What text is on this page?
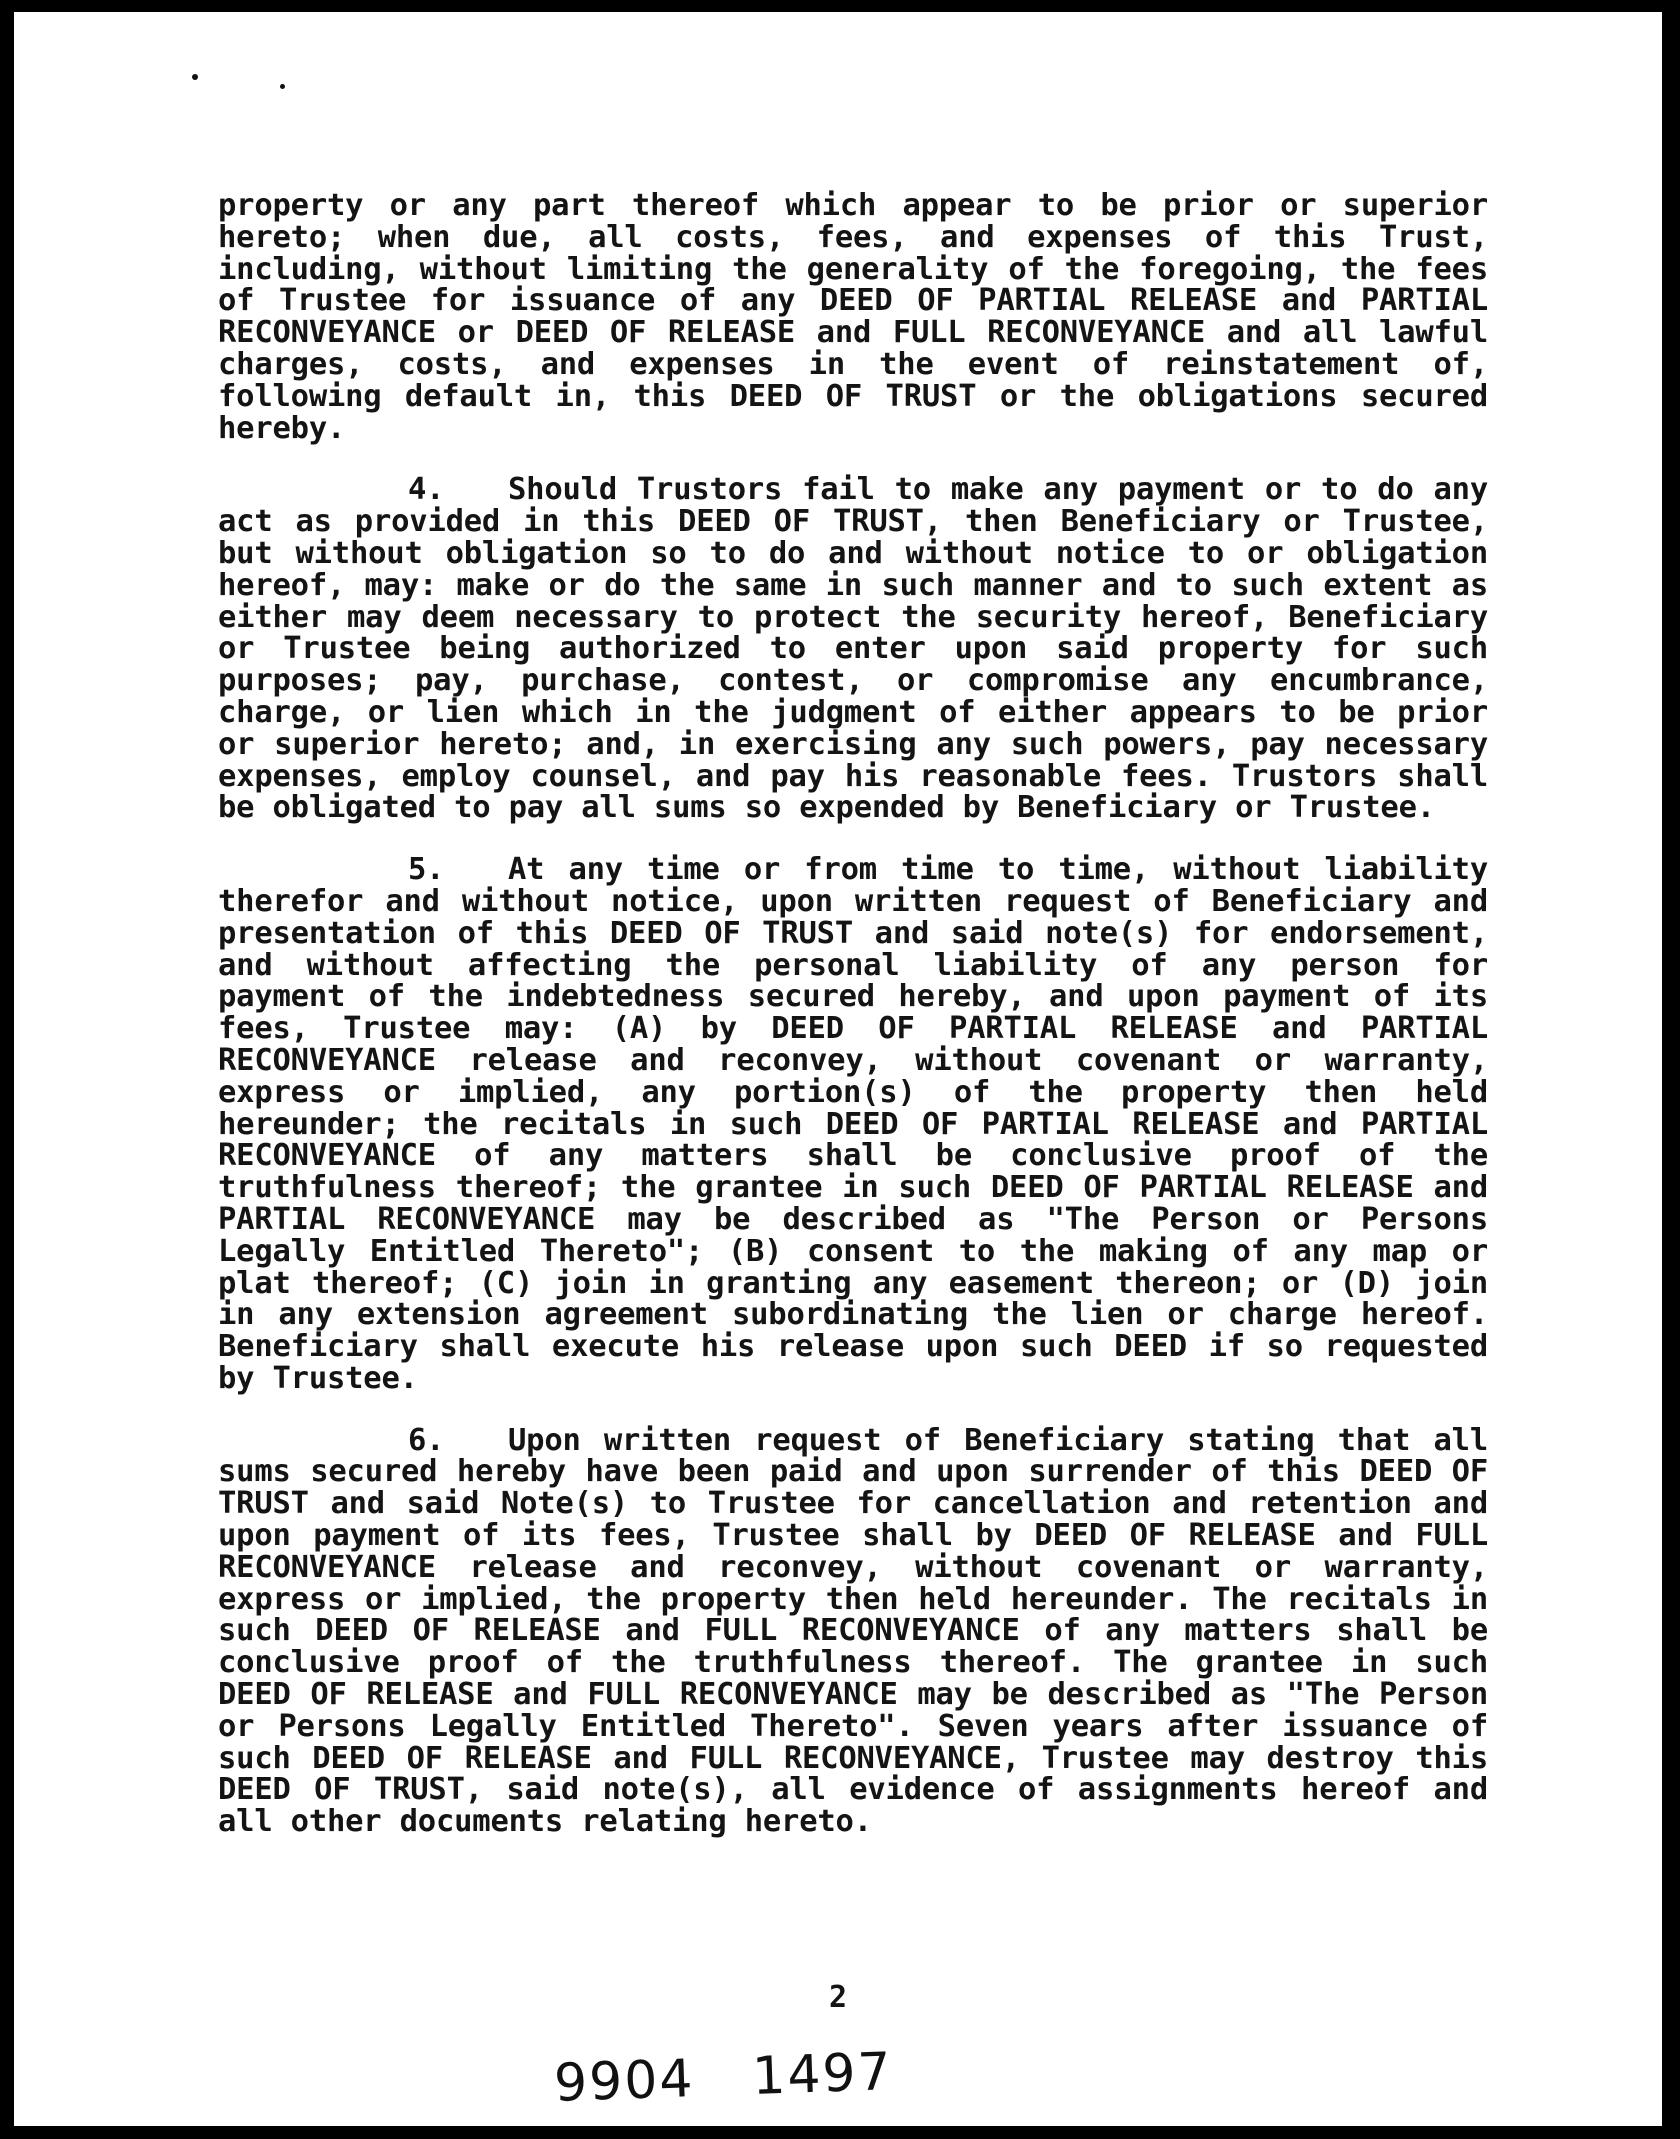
property or any part thereof which appear to be prior or superior hereto; when due, all costs, fees, and expenses of this Trust, including, without limiting the generality of the foregoing, the fees of Trustee for issuance of any DEED OF PARTIAL RELEASE and PARTIAL RECONVEYANCE or DEED OF RELEASE and FULL RECONVEYANCE and all lawful charges, costs, and expenses in the event of reinstatement of, following default in, this DEED OF TRUST or the obligations secured hereby.

4. Should Trustors fail to make any payment or to do any act as provided in this DEED OF TRUST, then Beneficiary or Trustee, but without obligation so to do and without notice to or obligation hereof, may: make or do the same in such manner and to such extent as either may deem necessary to protect the security hereof, Beneficiary or Trustee being authorized to enter upon said property for such purposes; pay, purchase, contest, or compromise any encumbrance, charge, or lien which in the judgment of either appears to be prior or superior hereto; and, in exercising any such powers, pay necessary expenses, employ counsel, and pay his reasonable fees. Trustors shall be obligated to pay all sums so expended by Beneficiary or Trustee.

5. At any time or from time to time, without liability therefor and without notice, upon written request of Beneficiary and presentation of this DEED OF TRUST and said note(s) for endorsement, and without affecting the personal liability of any person for payment of the indebtedness secured hereby, and upon payment of its fees, Trustee may: (A) by DEED OF PARTIAL RELEASE and PARTIAL RECONVEYANCE release and reconvey, without covenant or warranty, express or implied, any portion(s) of the property then held hereunder; the recitals in such DEED OF PARTIAL RELEASE and PARTIAL RECONVEYANCE of any matters shall be conclusive proof of the truthfulness thereof; the grantee in such DEED OF PARTIAL RELEASE and PARTIAL RECONVEYANCE may be described as "The Person or Persons Legally Entitled Thereto"; (B) consent to the making of any map or plat thereof; (C) join in granting any easement thereon; or (D) join in any extension agreement subordinating the lien or charge hereof. Beneficiary shall execute his release upon such DEED if so requested by Trustee.

6. Upon written request of Beneficiary stating that all sums secured hereby have been paid and upon surrender of this DEED OF TRUST and said Note(s) to Trustee for cancellation and retention and upon payment of its fees, Trustee shall by DEED OF RELEASE and FULL RECONVEYANCE release and reconvey, without covenant or warranty, express or implied, the property then held hereunder. The recitals in such DEED OF RELEASE and FULL RECONVEYANCE of any matters shall be conclusive proof of the truthfulness thereof. The grantee in such DEED OF RELEASE and FULL RECONVEYANCE may be described as "The Person or Persons Legally Entitled Thereto". Seven years after issuance of such DEED OF RELEASE and FULL RECONVEYANCE, Trustee may destroy this DEED OF TRUST, said note(s), all evidence of assignments hereof and all other documents relating hereto.

2
9904 1497
